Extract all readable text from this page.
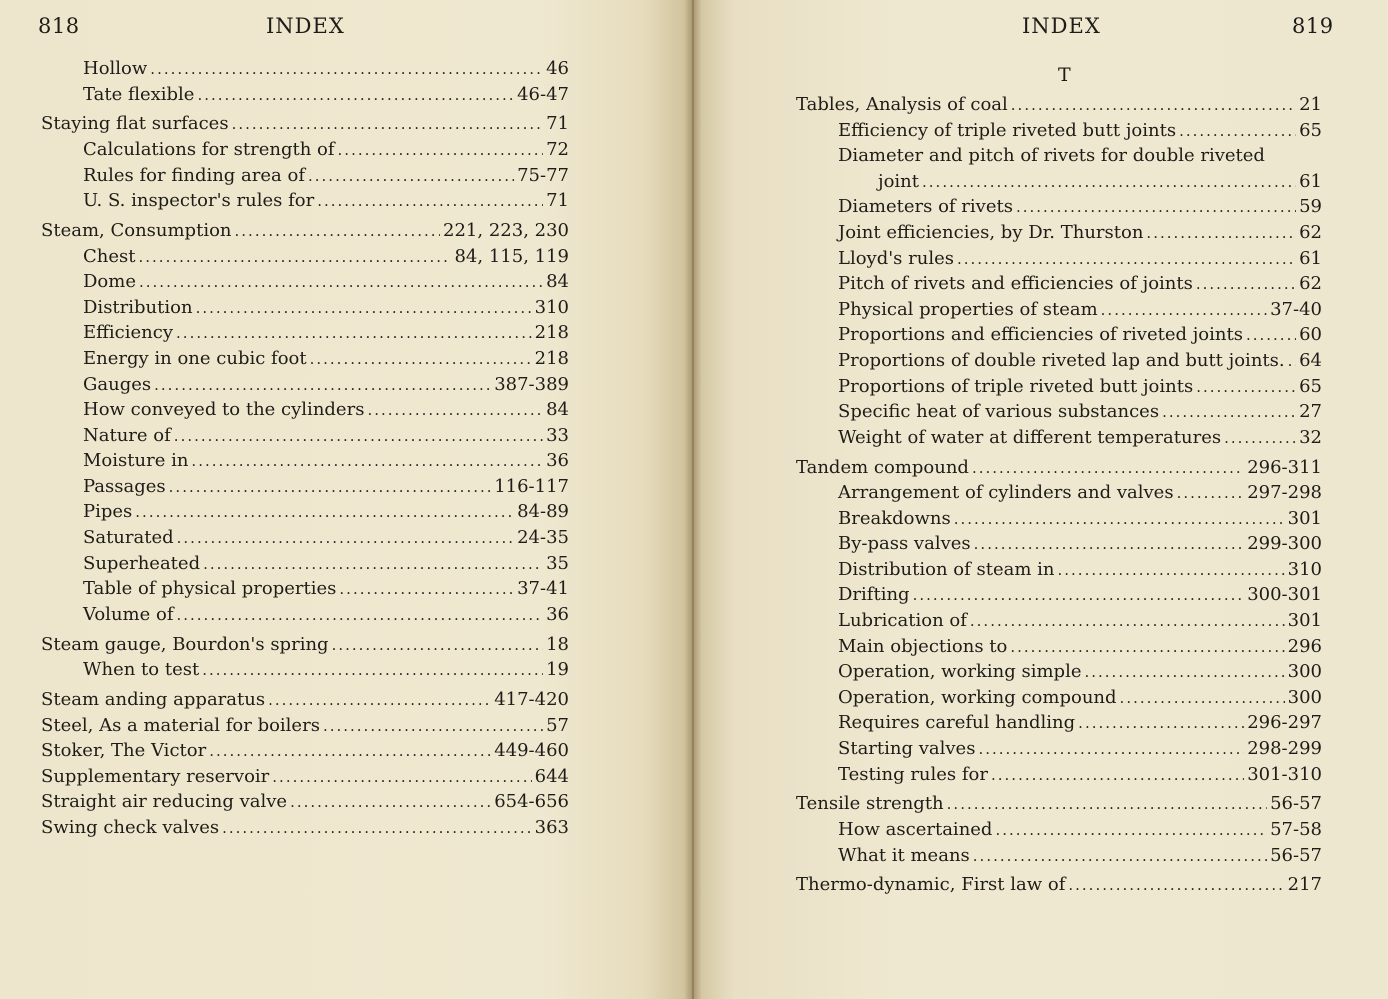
818	INDEX
Hollow .....	46
Tate flexible .....	46-47
Staying flat surfaces .....	71
Calculations for strength of .....	72
Rules for finding area of .....	75-77
U. S. inspector's rules for .....	71
Steam, Consumption .....	221, 223, 230
Chest .....	84, 115, 119
Dome .....	84
Distribution .....	310
Efficiency .....	218
Energy in one cubic foot .....	218
Gauges .....	387-389
How conveyed to the cylinders .....	84
Nature of .....	33
Moisture in .....	36
Passages .....	116-117
Pipes .....	84-89
Saturated .....	24-35
Superheated .....	35
Table of physical properties .....	37-41
Volume of .....	36
Steam gauge, Bourdon's spring .....	18
When to test .....	19
Steam anding apparatus .....	417-420
Steel, As a material for boilers .....	57
Stoker, The Victor .....	449-460
Supplementary reservoir .....	644
Straight air reducing valve .....	654-656
Swing check valves .....	363
INDEX	819
Tables, Analysis of coal .....	21
Efficiency of triple riveted butt joints .....	65
Diameter and pitch of rivets for double riveted
joint .....	61
Diameters of rivets .....	59
Joint efficiencies, by Dr. Thurston .....	62
Lloyd's rules .....	61
Pitch of rivets and efficiencies of joints .....	62
Physical properties of steam .....	37-40
Proportions and efficiencies of riveted joints .....	60
Proportions of double riveted lap and butt joints. ..... 64
Proportions of triple riveted butt joints .....	65
Specific heat of various substances .....	27
Weight of water at different temperatures .....	32
Tandem compound .....	296-311
Arrangement of cylinders and valves .....	297-298
Breakdowns .....	301
By-pass valves .....	299-300
Distribution of steam in .....	310
Drifting .....	300-301
Lubrication of .....	301
Main objections to .....	296
Operation, working simple .....	300
Operation, working compound .....	300
Requires careful handling .....	296-297
Starting valves .....	298-299
Testing rules for .....	301-310
Tensile strength .....	56-57
How ascertained .....	57-58
What it means .....	56-57
Thermo-dynamic, First law of .....	217
T
